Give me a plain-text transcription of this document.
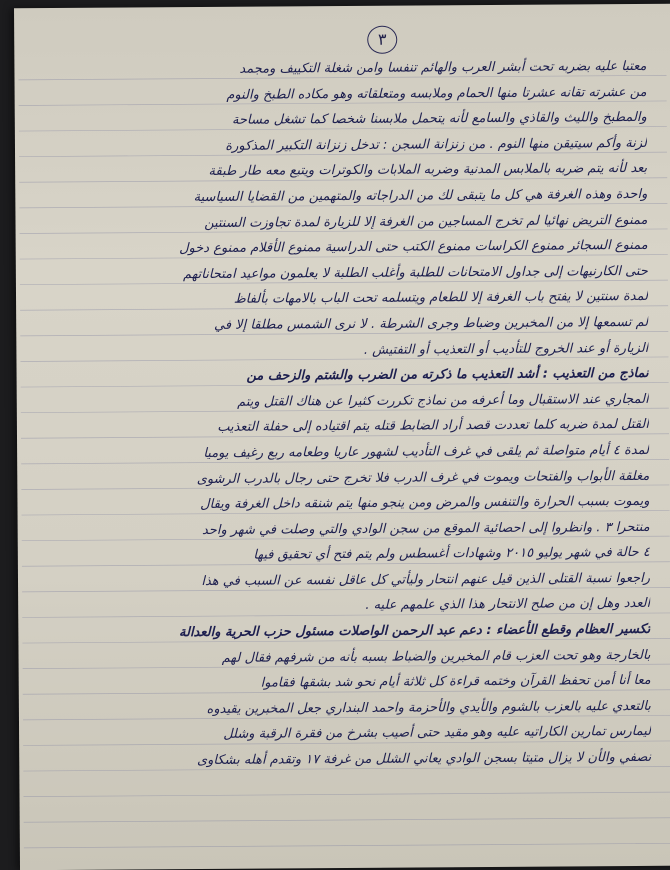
٣
معتبا عليه بضربه تحت أبشر العرب والهائم تنفسا وامن شغلة التكييف ومجمد
من عشرته تقانه عشرتا منها الحمام وملابسه ومتعلقاته وهو مكاده الطبخ والنوم
والمطبخ والليث والقاذي والسامع لأنه يتحمل ملابسنا شخصا كما تشغل مساحة
لزنة وأكم سيتيقن منها النوم . من زنزانة السجن : تدخل زنزانة التكبير المذكورة
بعد لأنه يتم ضربه بالملابس المدنية وضربه الملابات والكوترات ويتبع معه طار طبقة
واحدة وهذه الغرفة هي كل ما يتبقى لك من الدراجاته والمتهمين من القضايا السياسية
ممنوع التريض نهائيا لم تخرج المساجين من الغرفة إلا للزيارة لمدة تجاوزت السنتين
ممنوع السجائر ممنوع الكراسات ممنوع الكتب حتى الدراسية ممنوع الأقلام ممنوع دخول
حتى الكارنيهات إلى جداول الامتحانات للطلبة وأغلب الطلبة لا يعلمون مواعيد امتحاناتهم
لمدة سنتين لا يفتح باب الغرفة إلا للطعام ويتسلمه تحت الباب بالامهات بألفاظ
لم تسمعها إلا من المخبرين وضباط وجرى الشرطة . لا نرى الشمس مطلقا إلا في
الزيارة أو عند الخروج للتأديب أو التعذيب أو التفتيش .
نماذج من التعذيب : أشد التعذيب ما ذكرته من الضرب والشتم والزحف من
المجاري عند الاستقبال وما أعرفه من نماذج تكررت كثيرا عن هناك القتل ويتم
القتل لمدة ضربه كلما تعددت قصد أراد الضابط قتله يتم اقتياده إلى حفلة التعذيب
لمدة ٤ أيام متواصلة ثم يلقى في غرف التأديب لشهور عاريا وطعامه ربع رغيف يوميا
مغلقة الأبواب والفتحات ويموت في غرف الدرب فلا تخرج حتى رجال بالدرب الرشوى
ويموت بسبب الحرارة والتنفس والمرض ومن ينجو منها يتم شنقه داخل الغرفة ويقال
منتحرا ٣ . وانظروا إلى احصائية الموقع من سجن الوادي والتي وصلت في شهر واحد
٤ حالة في شهر يوليو ٢٠١٥ وشهادات أغسطس ولم يتم فتح أي تحقيق فيها
راجعوا نسبة القتلى الذين قيل عنهم انتحار وليأتي كل عاقل نفسه عن السبب في هذا
العدد وهل إن من صلح الانتحار هذا الذي علمهم عليه .
تكسير العظام وقطع الأعضاء : دعم عبد الرحمن الواصلات مسئول حزب الحرية والعدالة
بالخارجة وهو تحت العزب قام المخبرين والضباط بسبه بأنه من شرفهم فقال لهم
معا أنا أمن تحفظ القرآن وختمه قراءة كل ثلاثة أيام نحو شد بشقها فقاموا
بالتعدي عليه بالعزب بالشوم والأيدي والأحزمة واحمد البنداري جعل المخبرين يقيدوه
ليمارس تمارين الكاراتيه عليه وهو مقيد حتى أصيب بشرخ من فقرة الرقبة وشلل
نصفي والأن لا يزال متيتا بسجن الوادي يعاني الشلل من غرفة ١٧ وتقدم أهله بشكاوى
